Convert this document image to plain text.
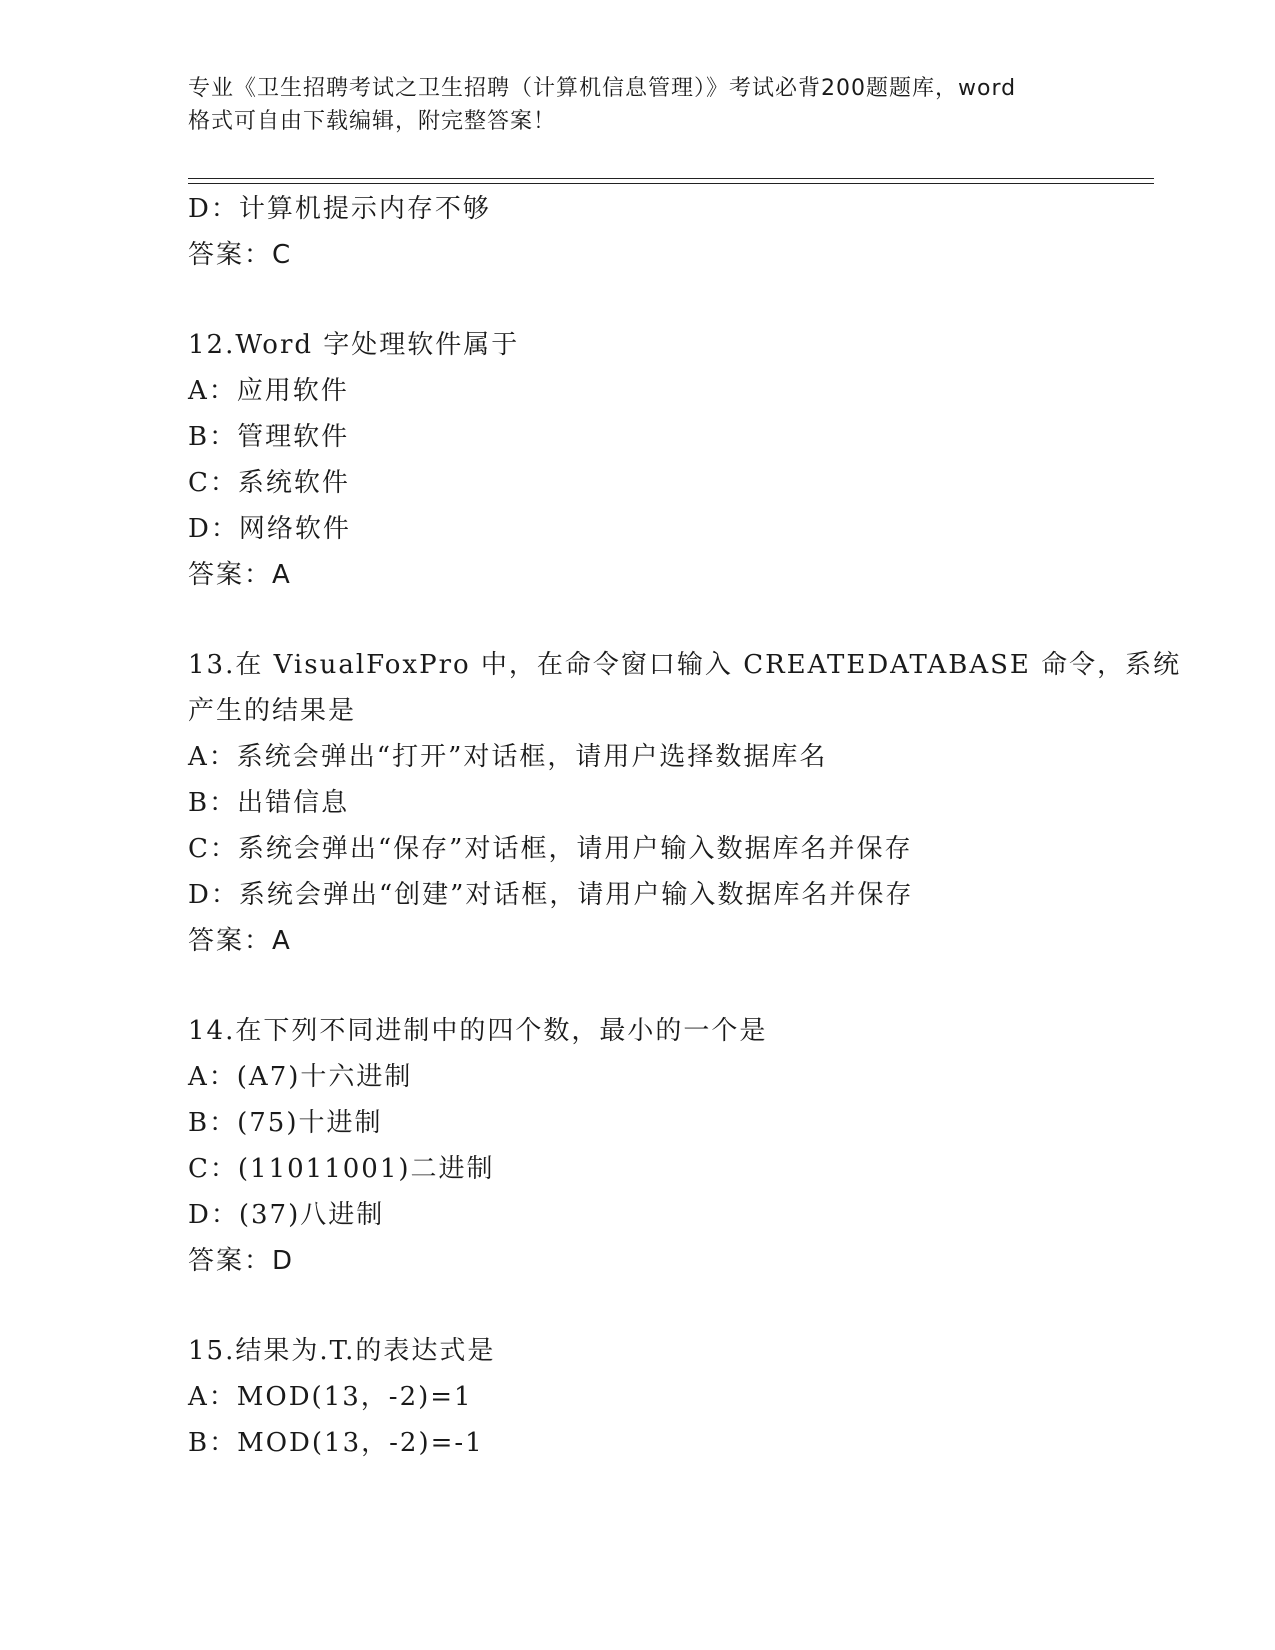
专业《卫生招聘考试之卫生招聘（计算机信息管理）》考试必背200题题库，word
格式可自由下载编辑，附完整答案！
D：计算机提示内存不够
答案：C
12.Word 字处理软件属于
A：应用软件
B：管理软件
C：系统软件
D：网络软件
答案：A
13.在 VisualFoxPro 中，在命令窗口输入 CREATEDATABASE 命令，系统
产生的结果是
A：系统会弹出“打开”对话框，请用户选择数据库名
B：出错信息
C：系统会弹出“保存”对话框，请用户输入数据库名并保存
D：系统会弹出“创建”对话框，请用户输入数据库名并保存
答案：A
14.在下列不同进制中的四个数，最小的一个是
A：(A7)十六进制
B：(75)十进制
C：(11011001)二进制
D：(37)八进制
答案：D
15.结果为.T.的表达式是
A：MOD(13，-2)=1
B：MOD(13，-2)=-1
